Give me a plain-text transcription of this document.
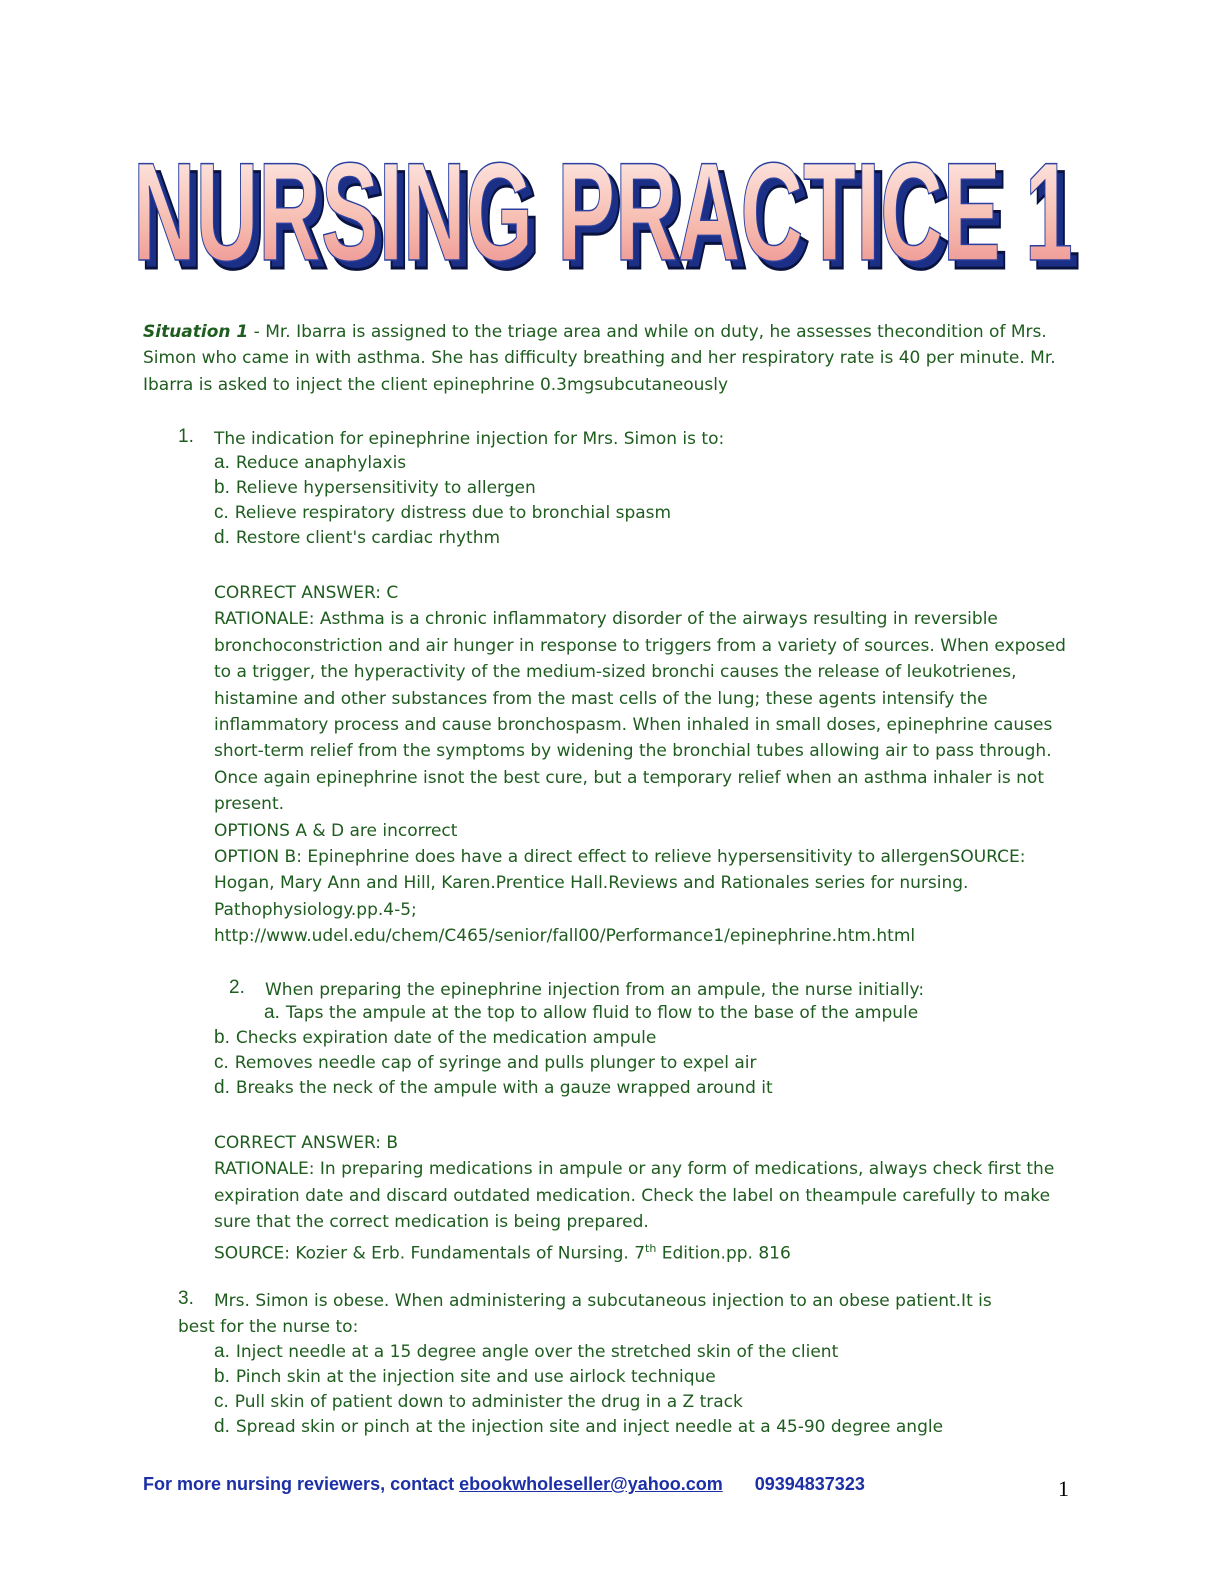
NURSING PRACTICE 1
NURSING PRACTICE 1
Situation 1 - Mr. Ibarra is assigned to the triage area and while on duty, he assesses thecondition of Mrs. Simon who came in with asthma. She has difficulty breathing and her respiratory rate is 40 per minute. Mr. Ibarra is asked to inject the client epinephrine 0.3mgsubcutaneously
1. The indication for epinephrine injection for Mrs. Simon is to:
a. Reduce anaphylaxis
b. Relieve hypersensitivity to allergen
c. Relieve respiratory distress due to bronchial spasm
d. Restore client's cardiac rhythm
CORRECT ANSWER: C
RATIONALE: Asthma is a chronic inflammatory disorder of the airways resulting in reversible bronchoconstriction and air hunger in response to triggers from a variety of sources. When exposed to a trigger, the hyperactivity of the medium-sized bronchi causes the release of leukotrienes, histamine and other substances from the mast cells of the lung; these agents intensify the inflammatory process and cause bronchospasm. When inhaled in small doses, epinephrine causes short-term relief from the symptoms by widening the bronchial tubes allowing air to pass through. Once again epinephrine isnot the best cure, but a temporary relief when an asthma inhaler is not present.
OPTIONS A & D are incorrect
OPTION B: Epinephrine does have a direct effect to relieve hypersensitivity to allergenSOURCE: Hogan, Mary Ann and Hill, Karen.Prentice Hall.Reviews and Rationales series for nursing. Pathophysiology.pp.4-5;
http://www.udel.edu/chem/C465/senior/fall00/Performance1/epinephrine.htm.html
2. When preparing the epinephrine injection from an ampule, the nurse initially:
a. Taps the ampule at the top to allow fluid to flow to the base of the ampule
b. Checks expiration date of the medication ampule
c. Removes needle cap of syringe and pulls plunger to expel air
d. Breaks the neck of the ampule with a gauze wrapped around it
CORRECT ANSWER: B
RATIONALE: In preparing medications in ampule or any form of medications, always check first the expiration date and discard outdated medication. Check the label on theampule carefully to make sure that the correct medication is being prepared.
SOURCE: Kozier & Erb. Fundamentals of Nursing. 7th Edition.pp. 816
3. Mrs. Simon is obese. When administering a subcutaneous injection to an obese patient.It is
best for the nurse to:
a. Inject needle at a 15 degree angle over the stretched skin of the client
b. Pinch skin at the injection site and use airlock technique
c. Pull skin of patient down to administer the drug in a Z track
d. Spread skin or pinch at the injection site and inject needle at a 45-90 degree angle
For more nursing reviewers, contact ebookwholeseller@yahoo.com 09394837323	1
